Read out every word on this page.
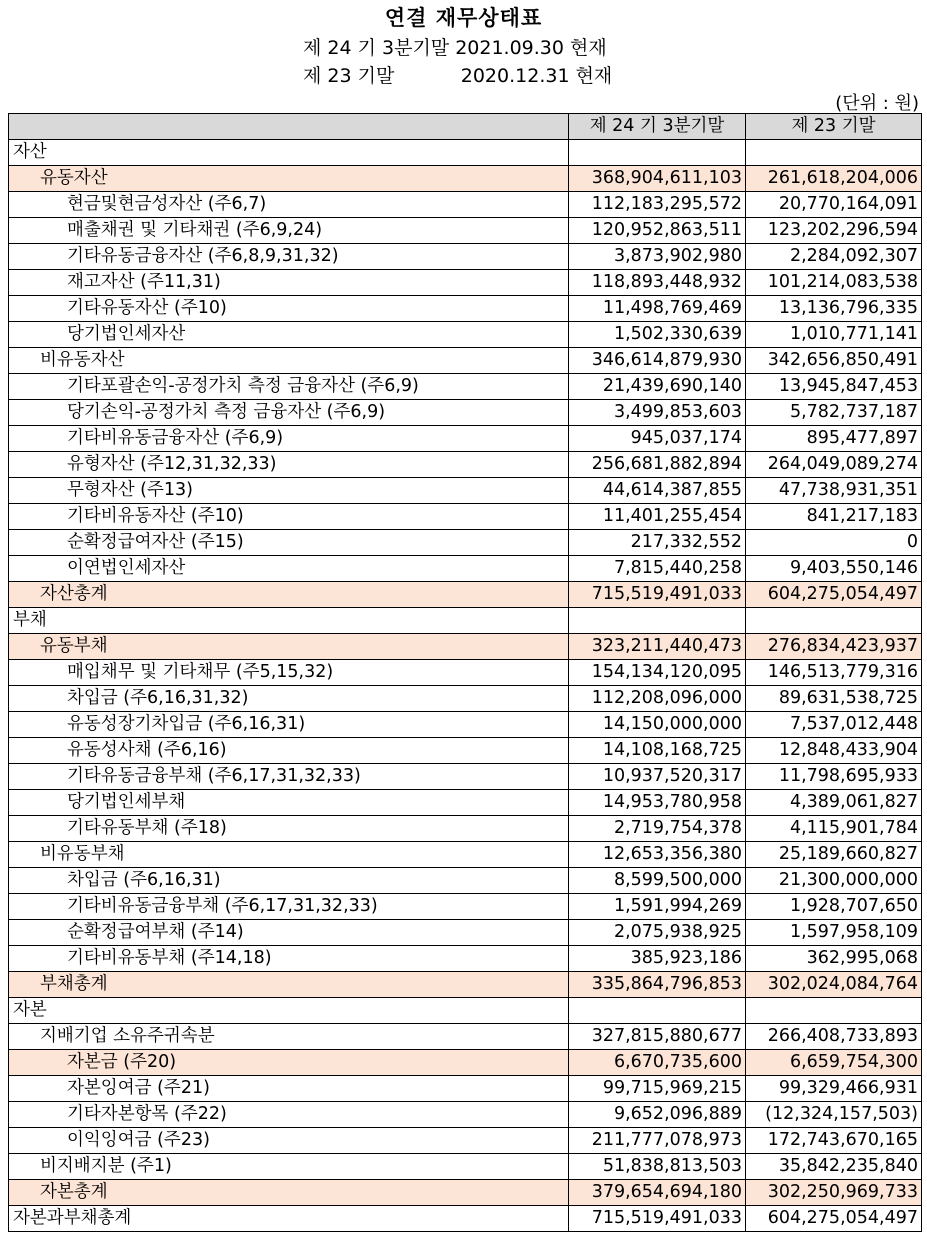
연결 재무상태표
제 24 기 3분기말 2021.09.30 현재
제 23 기말           2020.12.31 현재
(단위 : 원)
	제 24 기 3분기말	제 23 기말
자산		
유동자산	368,904,611,103	261,618,204,006
현금및현금성자산 (주6,7)	112,183,295,572	20,770,164,091
매출채권 및 기타채권 (주6,9,24)	120,952,863,511	123,202,296,594
기타유동금융자산 (주6,8,9,31,32)	3,873,902,980	2,284,092,307
재고자산 (주11,31)	118,893,448,932	101,214,083,538
기타유동자산 (주10)	11,498,769,469	13,136,796,335
당기법인세자산	1,502,330,639	1,010,771,141
비유동자산	346,614,879,930	342,656,850,491
기타포괄손익-공정가치 측정 금융자산 (주6,9)	21,439,690,140	13,945,847,453
당기손익-공정가치 측정 금융자산 (주6,9)	3,499,853,603	5,782,737,187
기타비유동금융자산 (주6,9)	945,037,174	895,477,897
유형자산 (주12,31,32,33)	256,681,882,894	264,049,089,274
무형자산 (주13)	44,614,387,855	47,738,931,351
기타비유동자산 (주10)	11,401,255,454	841,217,183
순확정급여자산 (주15)	217,332,552	0
이연법인세자산	7,815,440,258	9,403,550,146
자산총계	715,519,491,033	604,275,054,497
부채		
유동부채	323,211,440,473	276,834,423,937
매입채무 및 기타채무 (주5,15,32)	154,134,120,095	146,513,779,316
차입금 (주6,16,31,32)	112,208,096,000	89,631,538,725
유동성장기차입금 (주6,16,31)	14,150,000,000	7,537,012,448
유동성사채 (주6,16)	14,108,168,725	12,848,433,904
기타유동금융부채 (주6,17,31,32,33)	10,937,520,317	11,798,695,933
당기법인세부채	14,953,780,958	4,389,061,827
기타유동부채 (주18)	2,719,754,378	4,115,901,784
비유동부채	12,653,356,380	25,189,660,827
차입금 (주6,16,31)	8,599,500,000	21,300,000,000
기타비유동금융부채 (주6,17,31,32,33)	1,591,994,269	1,928,707,650
순확정급여부채 (주14)	2,075,938,925	1,597,958,109
기타비유동부채 (주14,18)	385,923,186	362,995,068
부채총계	335,864,796,853	302,024,084,764
자본		
지배기업 소유주귀속분	327,815,880,677	266,408,733,893
자본금 (주20)	6,670,735,600	6,659,754,300
자본잉여금 (주21)	99,715,969,215	99,329,466,931
기타자본항목 (주22)	9,652,096,889	(12,324,157,503)
이익잉여금 (주23)	211,777,078,973	172,743,670,165
비지배지분 (주1)	51,838,813,503	35,842,235,840
자본총계	379,654,694,180	302,250,969,733
자본과부채총계	715,519,491,033	604,275,054,497
